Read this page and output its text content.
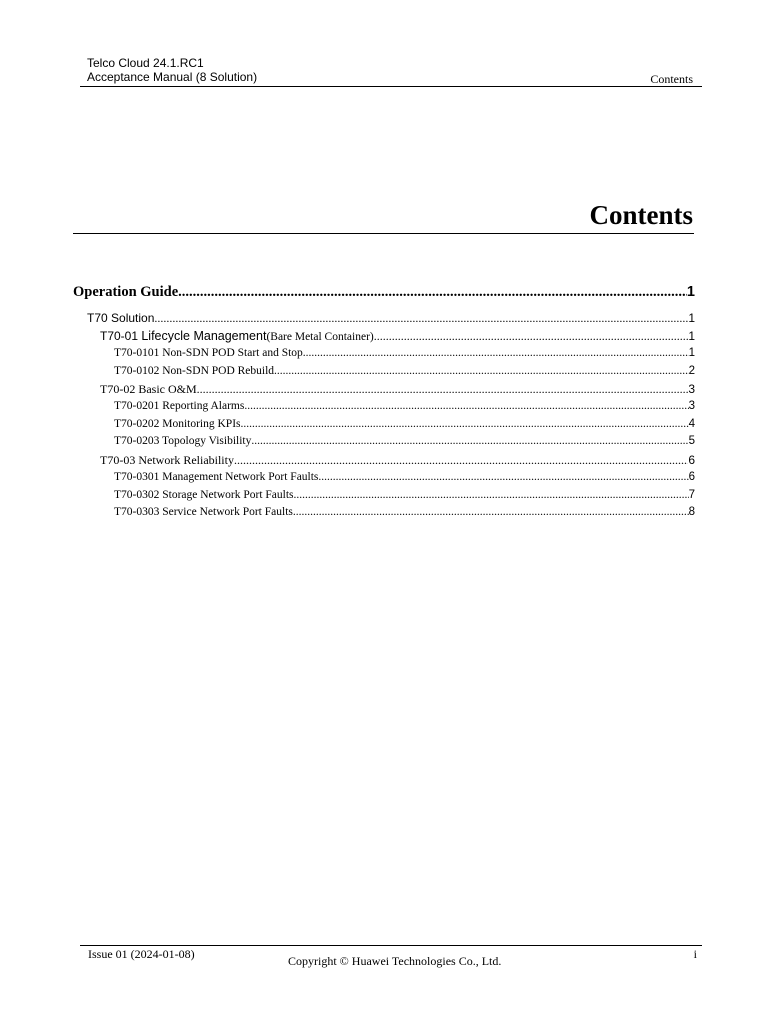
Telco Cloud 24.1.RC1
Acceptance Manual (8 Solution)	Contents
Contents
Operation Guide .....	1
T70 Solution .....	1
T70-01 Lifecycle Management(Bare Metal Container) .....	1
T70-0101 Non-SDN POD Start and Stop .....	1
T70-0102 Non-SDN POD Rebuild .....	2
T70-02 Basic O&M .....	3
T70-0201 Reporting Alarms .....	3
T70-0202 Monitoring KPIs .....	4
T70-0203 Topology Visibility .....	5
T70-03 Network Reliability .....	6
T70-0301 Management Network Port Faults .....	6
T70-0302 Storage Network Port Faults .....	7
T70-0303 Service Network Port Faults .....	8
Issue 01 (2024-01-08)	Copyright © Huawei Technologies Co., Ltd.	i
